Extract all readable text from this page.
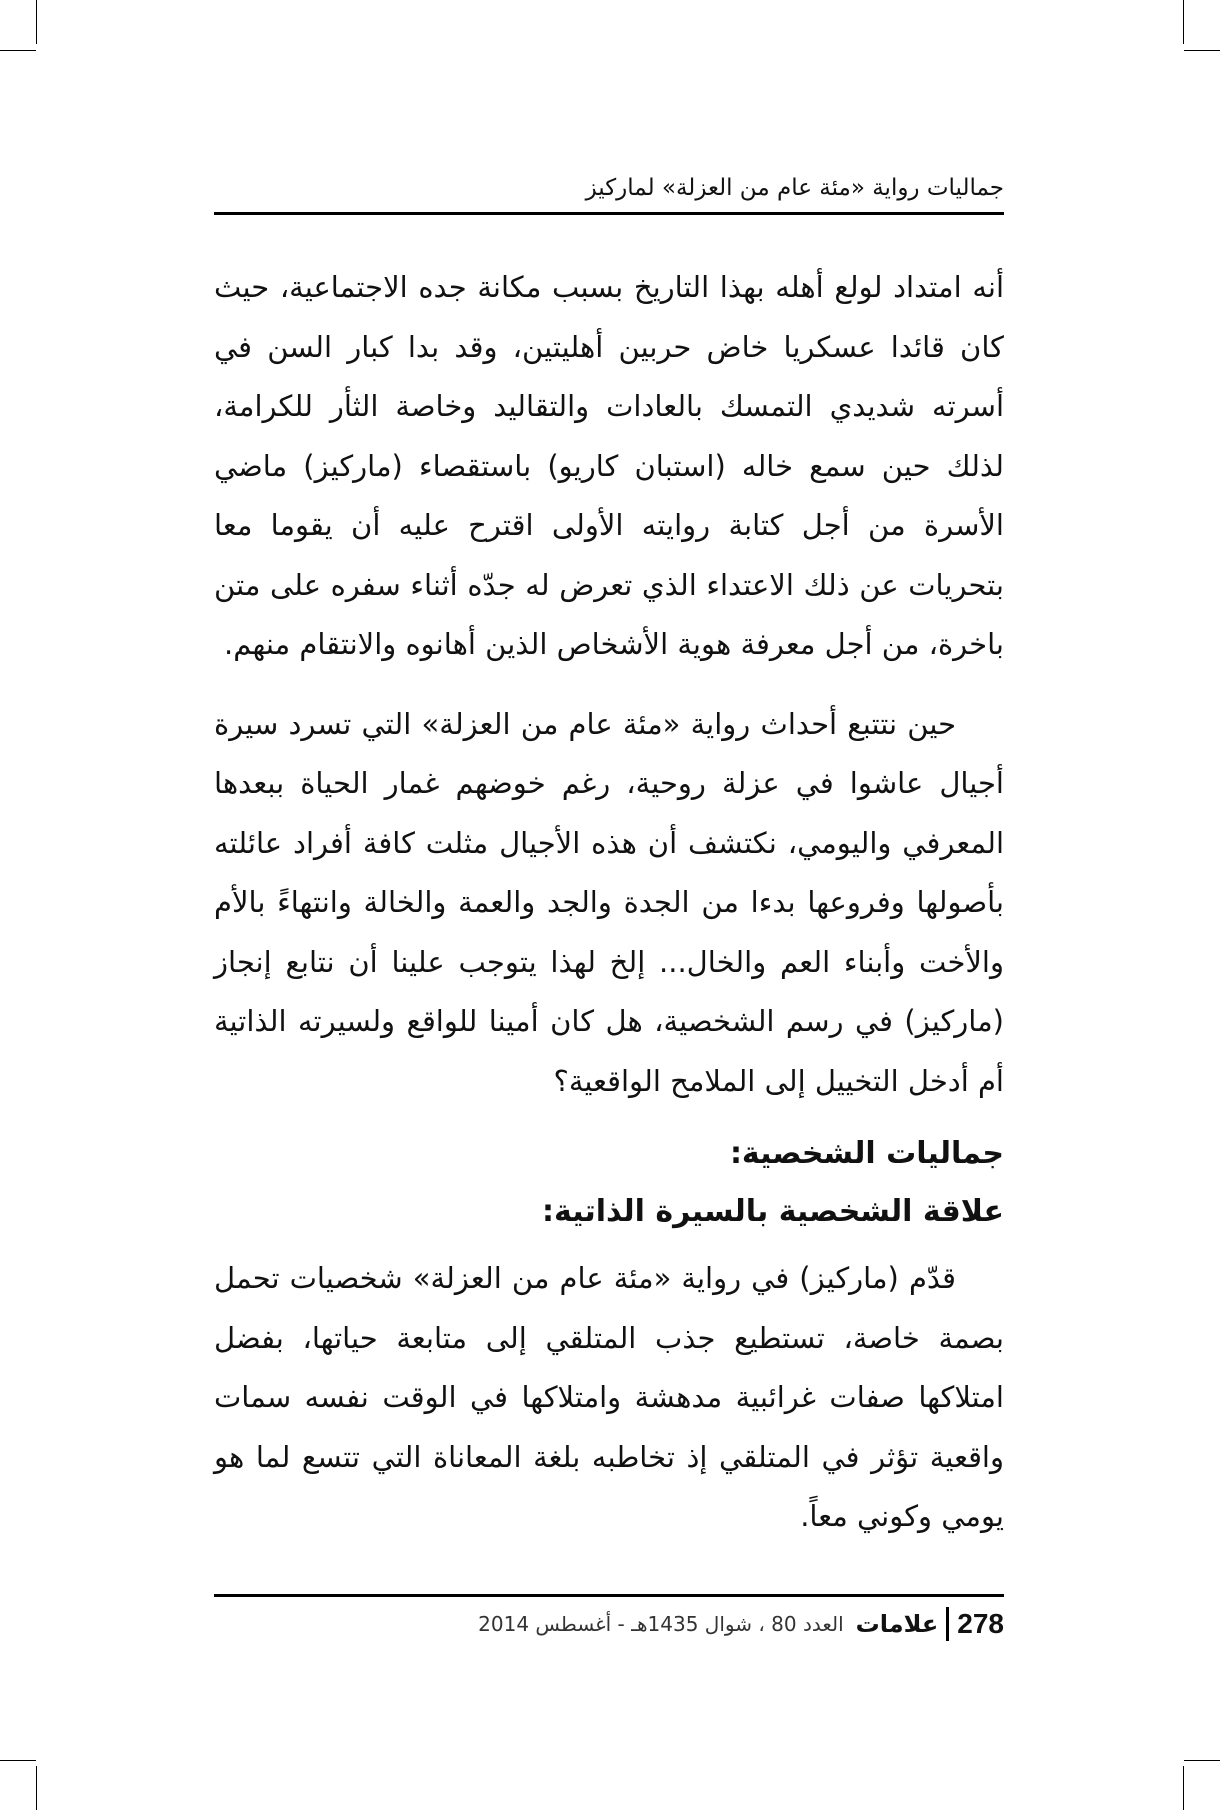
جماليات رواية «مئة عام من العزلة» لماركيز

أنه امتداد لولع أهله بهذا التاريخ بسبب مكانة جده الاجتماعية، حيث كان قائدا عسكريا خاض حربين أهليتين، وقد بدا كبار السن في أسرته شديدي التمسك بالعادات والتقاليد وخاصة الثأر للكرامة، لذلك حين سمع خاله (استبان كاريو) باستقصاء (ماركيز) ماضي الأسرة من أجل كتابة روايته الأولى اقترح عليه أن يقوما معا بتحريات عن ذلك الاعتداء الذي تعرض له جدّه أثناء سفره على متن باخرة، من أجل معرفة هوية الأشخاص الذين أهانوه والانتقام منهم.

حين نتتبع أحداث رواية «مئة عام من العزلة» التي تسرد سيرة أجيال عاشوا في عزلة روحية، رغم خوضهم غمار الحياة ببعدها المعرفي واليومي، نكتشف أن هذه الأجيال مثلت كافة أفراد عائلته بأصولها وفروعها بدءا من الجدة والجد والعمة والخالة وانتهاءً بالأم والأخت وأبناء العم والخال... إلخ لهذا يتوجب علينا أن نتابع إنجاز (ماركيز) في رسم الشخصية، هل كان أمينا للواقع ولسيرته الذاتية أم أدخل التخييل إلى الملامح الواقعية؟

جماليات الشخصية:
علاقة الشخصية بالسيرة الذاتية:

قدّم (ماركيز) في رواية «مئة عام من العزلة» شخصيات تحمل بصمة خاصة، تستطيع جذب المتلقي إلى متابعة حياتها، بفضل امتلاكها صفات غرائبية مدهشة وامتلاكها في الوقت نفسه سمات واقعية تؤثر في المتلقي إذ تخاطبه بلغة المعاناة التي تتسع لما هو يومي وكوني معاً.

278
علامات
العدد 80 ، شوال 1435هـ - أغسطس 2014
